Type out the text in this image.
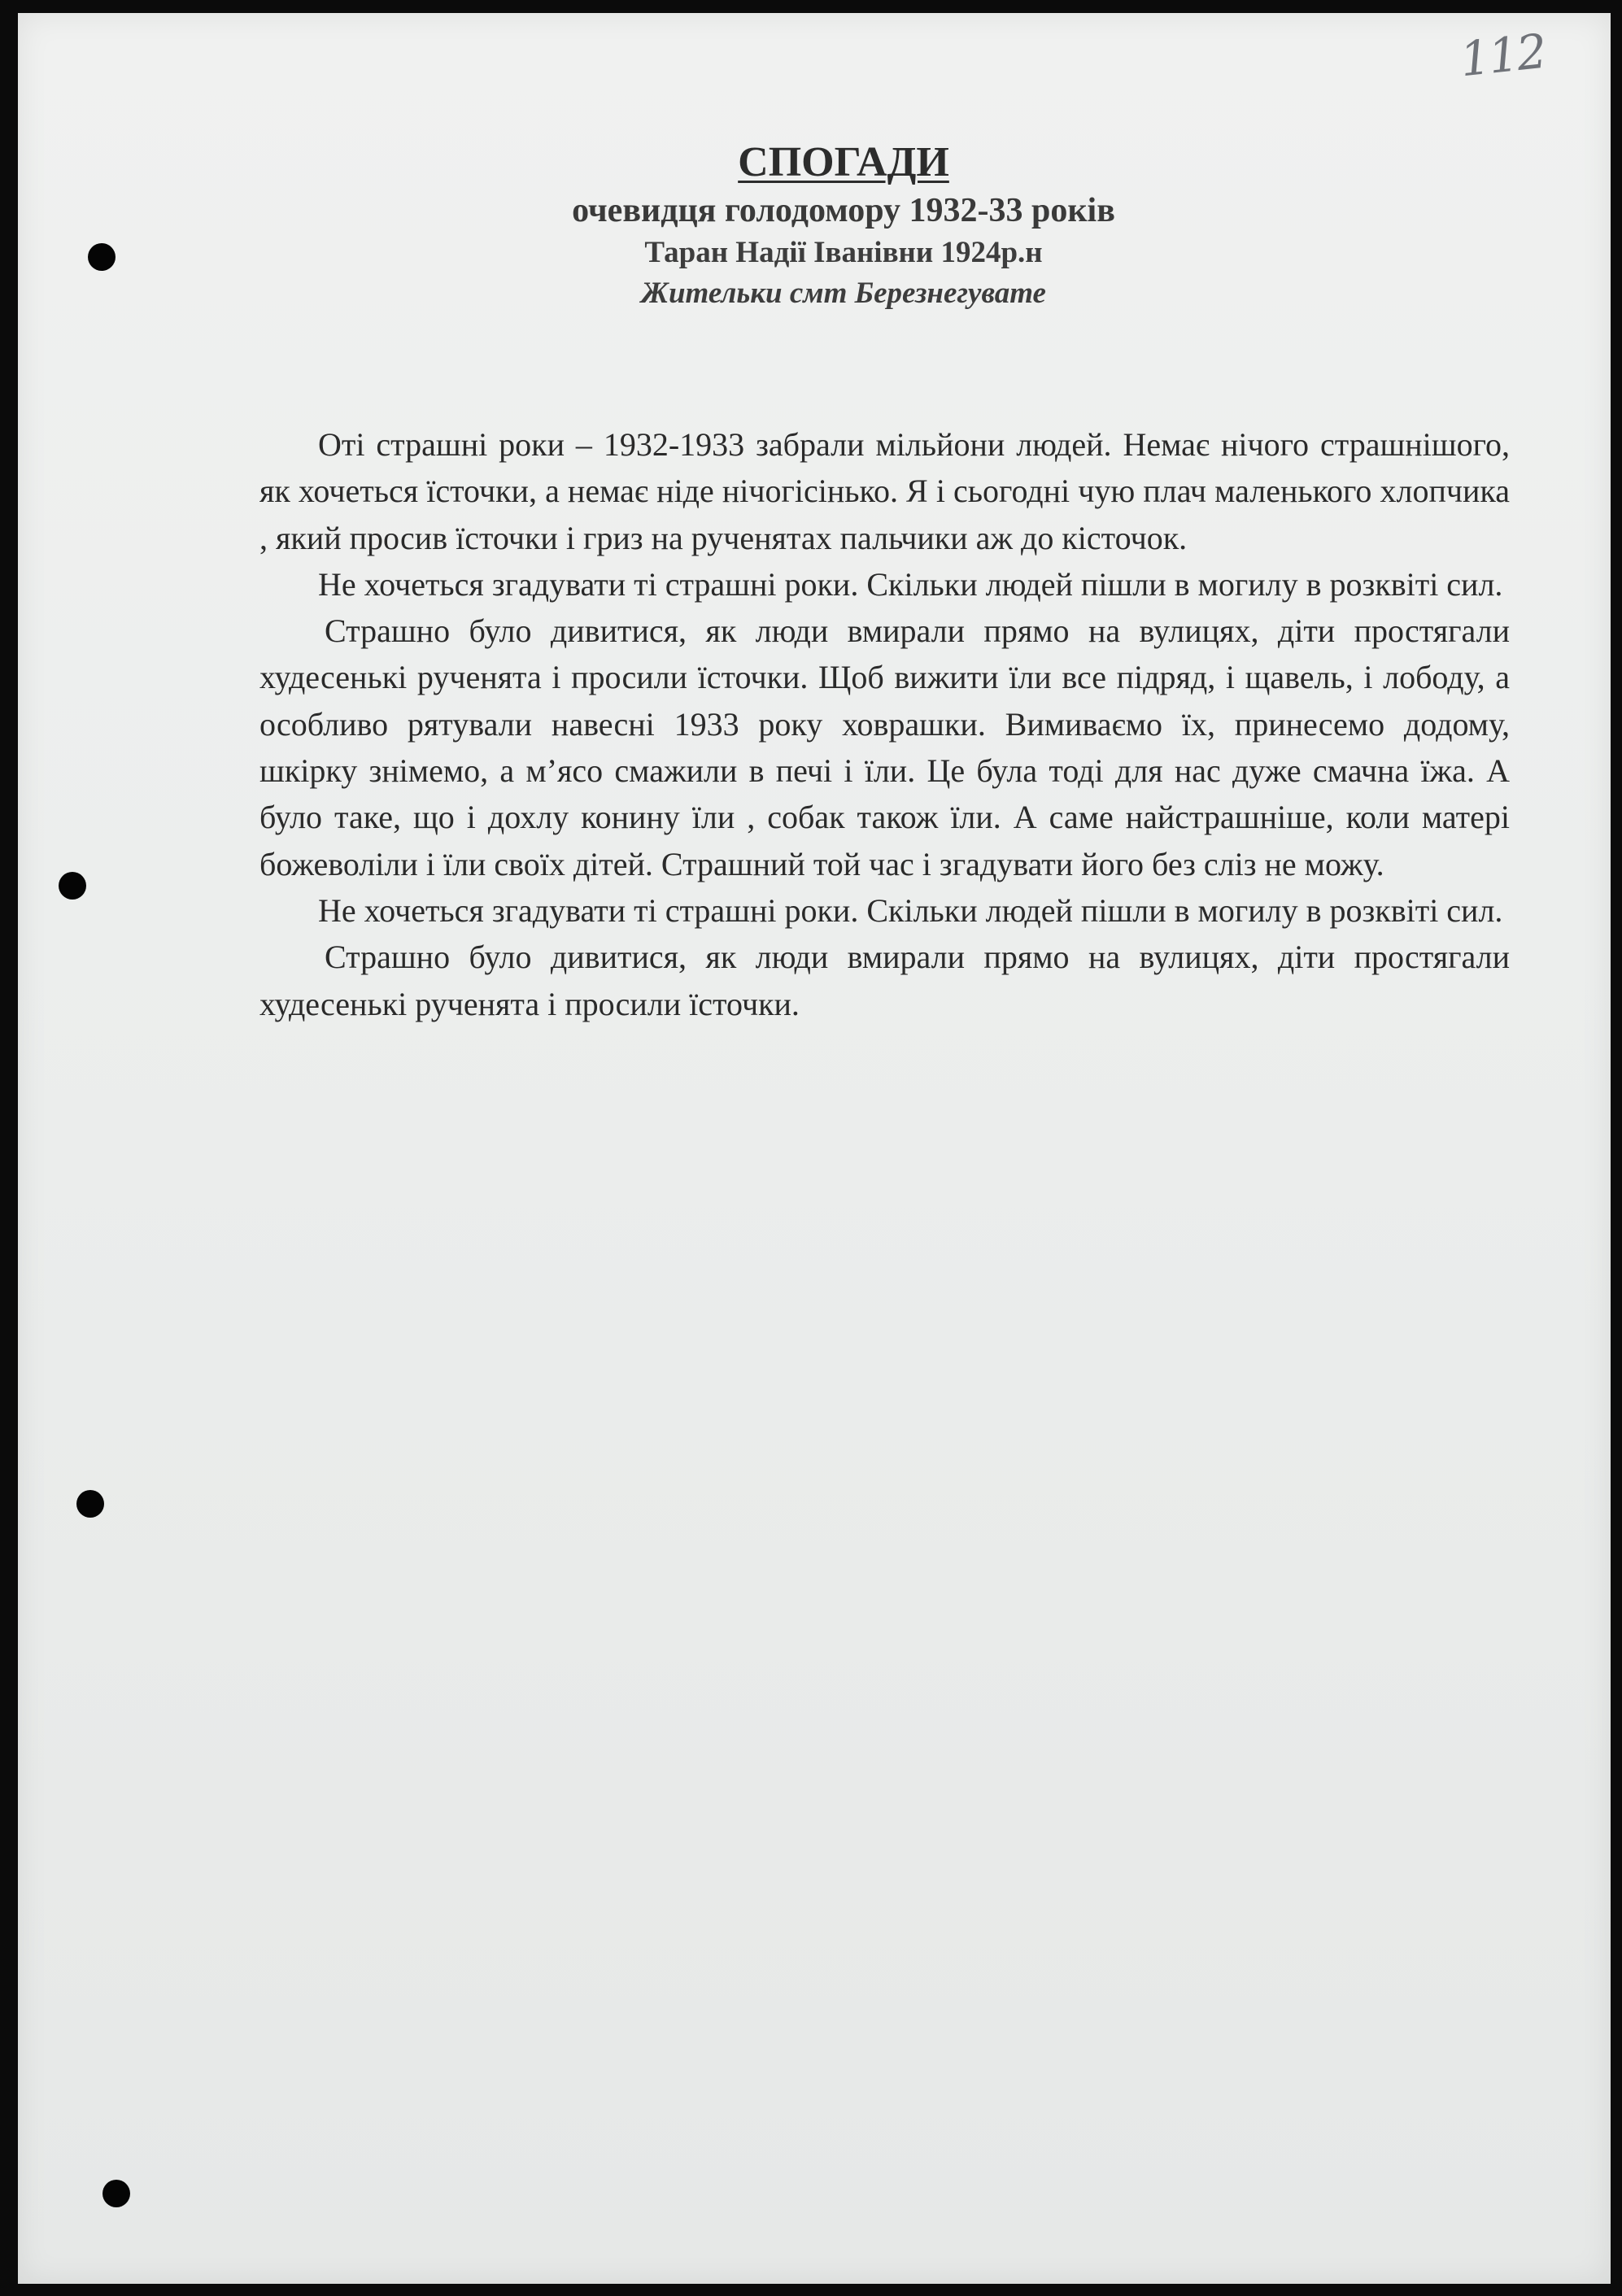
112
СПОГАДИ
очевидця голодомору 1932-33 років
Таран Надії Іванівни 1924р.н
Жительки смт Березнегувате

Оті страшні роки – 1932-1933 забрали мільйони людей. Немає нічого страшнішого, як хочеться їсточки, а немає ніде нічогісінько. Я і сьогодні чую плач маленького хлопчика , який просив їсточки і гриз на рученятах пальчики аж до кісточок.

Не хочеться згадувати ті страшні роки. Скільки людей пішли в могилу в розквіті сил.

Страшно було дивитися, як люди вмирали прямо на вулицях, діти простягали худесенькі рученята і просили їсточки. Щоб вижити їли все підряд, і щавель, і лободу, а особливо рятували навесні 1933 року ховрашки. Вимиваємо їх, принесемо додому, шкірку знімемо, а м’ясо смажили в печі і їли. Це була тоді для нас дуже смачна їжа. А було таке, що і дохлу конину їли , собак також їли. А саме найстрашніше, коли матері божеволіли і їли своїх дітей. Страшний той час і згадувати його без сліз не можу.

Не хочеться згадувати ті страшні роки. Скільки людей пішли в могилу в розквіті сил.

Страшно було дивитися, як люди вмирали прямо на вулицях, діти простягали худесенькі рученята і просили їсточки.
